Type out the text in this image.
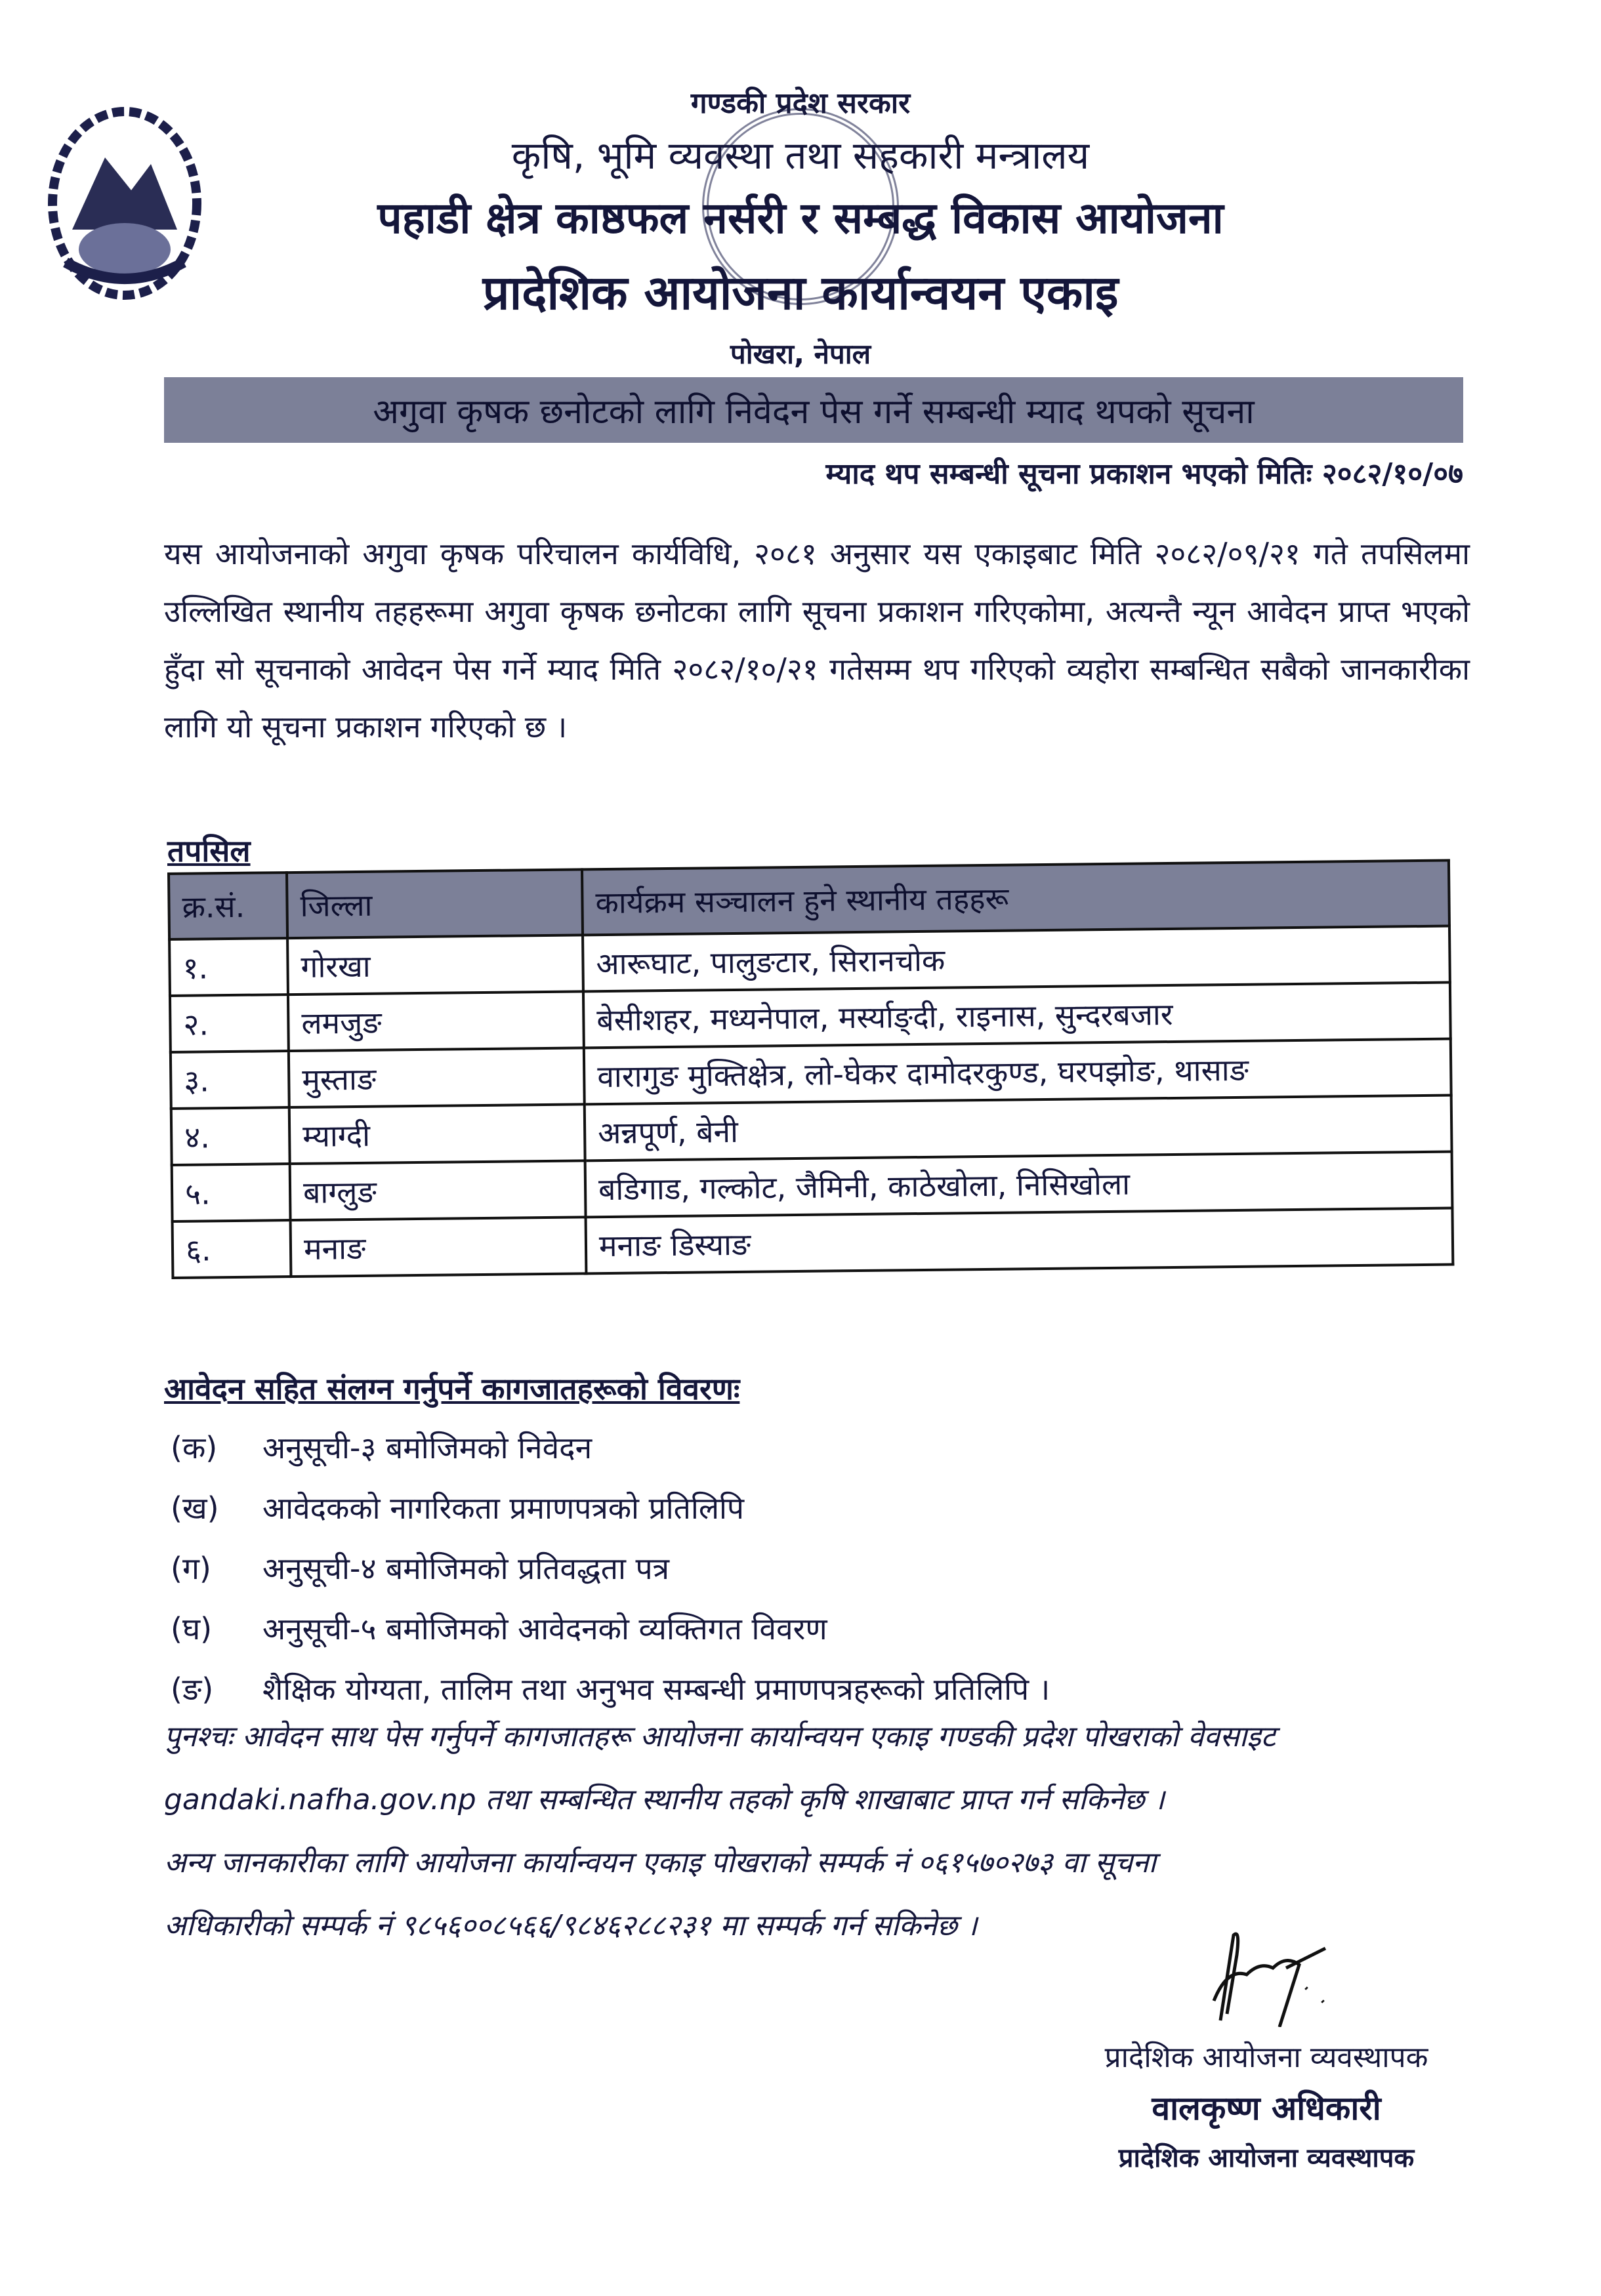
गण्डकी प्रदेश सरकार
कृषि, भूमि व्यवस्था तथा सहकारी मन्त्रालय
पहाडी क्षेत्र काष्ठफल नर्सरी र सम्बद्ध विकास आयोजना
प्रादेशिक आयोजना कार्यान्वयन एकाइ
पोखरा, नेपाल
अगुवा कृषक छनोटको लागि निवेदन पेस गर्ने सम्बन्धी म्याद थपको सूचना
म्याद थप सम्बन्धी सूचना प्रकाशन भएको मितिः २०८२/१०/०७
यस आयोजनाको अगुवा कृषक परिचालन कार्यविधि, २०८१ अनुसार यस एकाइबाट मिति २०८२/०९/२१ गते तपसिलमा उल्लिखित स्थानीय तहहरूमा अगुवा कृषक छनोटका लागि सूचना प्रकाशन गरिएकोमा, अत्यन्तै न्यून आवेदन प्राप्त भएको हुँदा सो सूचनाको आवेदन पेस गर्ने म्याद मिति २०८२/१०/२१ गतेसम्म थप गरिएको व्यहोरा सम्बन्धित सबैको जानकारीका लागि यो सूचना प्रकाशन गरिएको छ ।
तपसिल
क्र.सं.	जिल्ला	कार्यक्रम सञ्चालन हुने स्थानीय तहहरू
१.	गोरखा	आरूघाट, पालुङटार, सिरानचोक
२.	लमजुङ	बेसीशहर, मध्यनेपाल, मर्स्याङ्दी, राइनास, सुन्दरबजार
३.	मुस्ताङ	वारागुङ मुक्तिक्षेत्र, लो-घेकर दामोदरकुण्ड, घरपझोङ, थासाङ
४.	म्याग्दी	अन्नपूर्ण, बेनी
५.	बाग्लुङ	बडिगाड, गल्कोट, जैमिनी, काठेखोला, निसिखोला
६.	मनाङ	मनाङ डिस्याङ
आवेदन सहित संलग्न गर्नुपर्ने कागजातहरूको विवरणः
(क)	अनुसूची-३ बमोजिमको निवेदन
(ख)	आवेदकको नागरिकता प्रमाणपत्रको प्रतिलिपि
(ग)	अनुसूची-४ बमोजिमको प्रतिवद्धता पत्र
(घ)	अनुसूची-५ बमोजिमको आवेदनको व्यक्तिगत विवरण
(ङ)	शैक्षिक योग्यता, तालिम तथा अनुभव सम्बन्धी प्रमाणपत्रहरूको प्रतिलिपि ।
पुनश्चः आवेदन साथ पेस गर्नुपर्ने कागजातहरू आयोजना कार्यान्वयन एकाइ गण्डकी प्रदेश पोखराको वेवसाइट
gandaki.nafha.gov.np तथा सम्बन्धित स्थानीय तहको कृषि शाखाबाट प्राप्त गर्न सकिनेछ ।
अन्य जानकारीका लागि आयोजना कार्यान्वयन एकाइ पोखराको सम्पर्क नं ०६१५७०२७३ वा सूचना
अधिकारीको सम्पर्क नं ९८५६००८५६६/९८४६२८८२३१ मा सम्पर्क गर्न सकिनेछ ।
प्रादेशिक आयोजना व्यवस्थापक
वालकृष्ण अधिकारी
प्रादेशिक आयोजना व्यवस्थापक
